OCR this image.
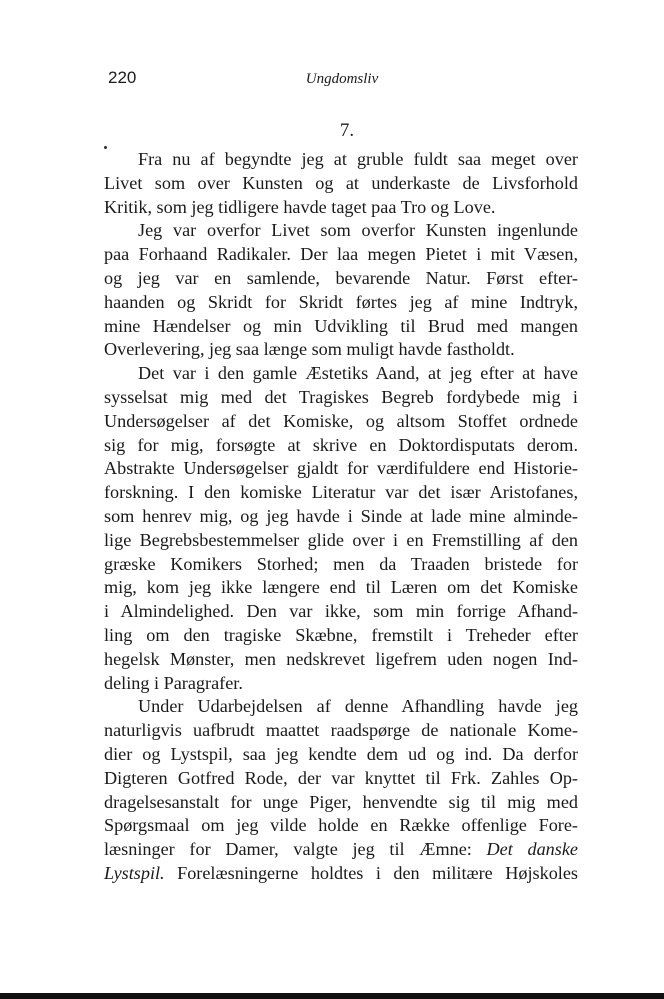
220	Ungdomsliv
7.
Fra nu af begyndte jeg at gruble fuldt saa meget over
Livet som over Kunsten og at underkaste de Livsforhold
Kritik, som jeg tidligere havde taget paa Tro og Love.
Jeg var overfor Livet som overfor Kunsten ingenlunde
paa Forhaand Radikaler. Der laa megen Pietet i mit Væsen,
og jeg var en samlende, bevarende Natur. Først efter-
haanden og Skridt for Skridt førtes jeg af mine Indtryk,
mine Hændelser og min Udvikling til Brud med mangen
Overlevering, jeg saa længe som muligt havde fastholdt.
Det var i den gamle Æstetiks Aand, at jeg efter at have
sysselsat mig med det Tragiskes Begreb fordybede mig i
Undersøgelser af det Komiske, og altsom Stoffet ordnede
sig for mig, forsøgte at skrive en Doktordisputats derom.
Abstrakte Undersøgelser gjaldt for værdifuldere end Historie-
forskning. I den komiske Literatur var det især Aristofanes,
som henrev mig, og jeg havde i Sinde at lade mine alminde-
lige Begrebsbestemmelser glide over i en Fremstilling af den
græske Komikers Storhed; men da Traaden bristede for
mig, kom jeg ikke længere end til Læren om det Komiske
i Almindelighed. Den var ikke, som min forrige Afhand-
ling om den tragiske Skæbne, fremstilt i Treheder efter
hegelsk Mønster, men nedskrevet ligefrem uden nogen Ind-
deling i Paragrafer.
Under Udarbejdelsen af denne Afhandling havde jeg
naturligvis uafbrudt maattet raadspørge de nationale Kome-
dier og Lystspil, saa jeg kendte dem ud og ind. Da derfor
Digteren Gotfred Rode, der var knyttet til Frk. Zahles Op-
dragelsesanstalt for unge Piger, henvendte sig til mig med
Spørgsmaal om jeg vilde holde en Række offenlige Fore-
læsninger for Damer, valgte jeg til Æmne: Det danske
Lystspil. Forelæsningerne holdtes i den militære Højskoles
